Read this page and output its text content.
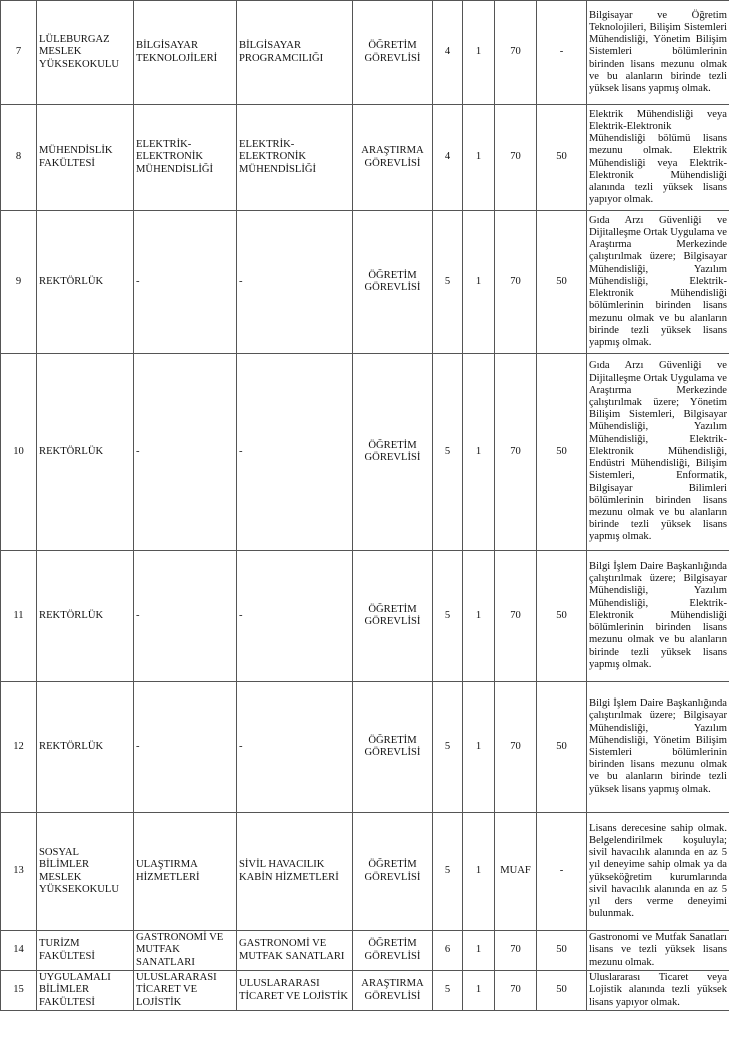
7	LÜLEBURGAZ MESLEK YÜKSEKOKULU	BİLGİSAYAR TEKNOLOJİLERİ	BİLGİSAYAR PROGRAMCILIĞI	ÖĞRETİM GÖREVLİSİ	4	1	70	-	Bilgisayar ve Öğretim Teknolojileri, Bilişim Sistemleri Mühendisliği, Yönetim Bilişim Sistemleri bölümlerinin birinden lisans mezunu olmak ve bu alanların birinde tezli yüksek lisans yapmış olmak.

8	MÜHENDİSLİK FAKÜLTESİ	ELEKTRİK-ELEKTRONİK MÜHENDİSLİĞİ	ELEKTRİK-ELEKTRONİK MÜHENDİSLİĞİ	ARAŞTIRMA GÖREVLİSİ	4	1	70	50	Elektrik Mühendisliği veya Elektrik-Elektronik Mühendisliği bölümü lisans mezunu olmak. Elektrik Mühendisliği veya Elektrik-Elektronik Mühendisliği alanında tezli yüksek lisans yapıyor olmak.

9	REKTÖRLÜK	-	-	ÖĞRETİM GÖREVLİSİ	5	1	70	50	Gıda Arzı Güvenliği ve Dijitalleşme Ortak Uygulama ve Araştırma Merkezinde çalıştırılmak üzere; Bilgisayar Mühendisliği, Yazılım Mühendisliği, Elektrik-Elektronik Mühendisliği bölümlerinin birinden lisans mezunu olmak ve bu alanların birinde tezli yüksek lisans yapmış olmak.

10	REKTÖRLÜK	-	-	ÖĞRETİM GÖREVLİSİ	5	1	70	50	Gıda Arzı Güvenliği ve Dijitalleşme Ortak Uygulama ve Araştırma Merkezinde çalıştırılmak üzere; Yönetim Bilişim Sistemleri, Bilgisayar Mühendisliği, Yazılım Mühendisliği, Elektrik-Elektronik Mühendisliği, Endüstri Mühendisliği, Bilişim Sistemleri, Enformatik, Bilgisayar Bilimleri bölümlerinin birinden lisans mezunu olmak ve bu alanların birinde tezli yüksek lisans yapmış olmak.

11	REKTÖRLÜK	-	-	ÖĞRETİM GÖREVLİSİ	5	1	70	50	Bilgi İşlem Daire Başkanlığında çalıştırılmak üzere; Bilgisayar Mühendisliği, Yazılım Mühendisliği, Elektrik-Elektronik Mühendisliği bölümlerinin birinden lisans mezunu olmak ve bu alanların birinde tezli yüksek lisans yapmış olmak.

12	REKTÖRLÜK	-	-	ÖĞRETİM GÖREVLİSİ	5	1	70	50	Bilgi İşlem Daire Başkanlığında çalıştırılmak üzere; Bilgisayar Mühendisliği, Yazılım Mühendisliği, Yönetim Bilişim Sistemleri bölümlerinin birinden lisans mezunu olmak ve bu alanların birinde tezli yüksek lisans yapmış olmak.

13	SOSYAL BİLİMLER MESLEK YÜKSEKOKULU	ULAŞTIRMA HİZMETLERİ	SİVİL HAVACILIK KABİN HİZMETLERİ	ÖĞRETİM GÖREVLİSİ	5	1	MUAF	-	Lisans derecesine sahip olmak. Belgelendirilmek koşuluyla; sivil havacılık alanında en az 5 yıl deneyime sahip olmak ya da yükseköğretim kurumlarında sivil havacılık alanında en az 5 yıl ders verme deneyimi bulunmak.

14	TURİZM FAKÜLTESİ	GASTRONOMİ VE MUTFAK SANATLARI	GASTRONOMİ VE MUTFAK SANATLARI	ÖĞRETİM GÖREVLİSİ	6	1	70	50	Gastronomi ve Mutfak Sanatları lisans ve tezli yüksek lisans mezunu olmak.

15	UYGULAMALI BİLİMLER FAKÜLTESİ	ULUSLARARASI TİCARET VE LOJİSTİK	ULUSLARARASI TİCARET VE LOJİSTİK	ARAŞTIRMA GÖREVLİSİ	5	1	70	50	Uluslararası Ticaret veya Lojistik alanında tezli yüksek lisans yapıyor olmak.
